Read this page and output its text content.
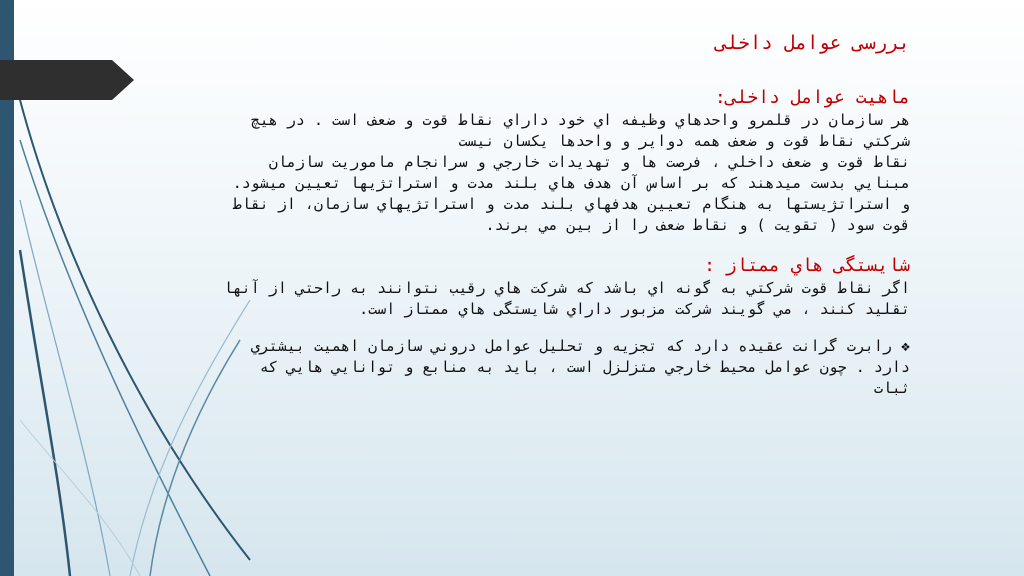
بررسی عوامل داخلی

ماهیت عوامل داخلی:

هر سازمان در قلمرو واحدهاي وظيفه اي خود داراي نقاط قوت و ضعف است . در هيچ شركتي نقاط قوت و ضعف همه دواير و واحدها يكسان نيست

نقاط قوت و ضعف داخلي ، فرصت ها و تهديدات خارجي و سرانجام ماموريت سازمان مبنايي بدست ميدهند كه بر اساس آن هدف هاي بلند مدت و استراتژيها تعيين ميشود. و استراتژيستها به هنگام تعيين هدفهاي بلند مدت و استراتژيهاي سازمان، از نقاط قوت سود ( تقويت ) و نقاط ضعف را از بين مي برند.

شايستگی هاي ممتاز :

اگر نقاط قوت شركتي به گونه اي باشد كه شركت هاي رقيب نتوانند به راحتي از آنها تقليد كنند ، مي گويند شركت مزبور داراي شايستگی هاي ممتاز است.

❖ رابرت گرانت عقيده دارد كه تجزيه و تحليل عوامل دروني سازمان اهميت بيشتري دارد . چون عوامل محيط خارجي متزلزل است ، بايد به منابع و توانايي هايي كه ثبات
